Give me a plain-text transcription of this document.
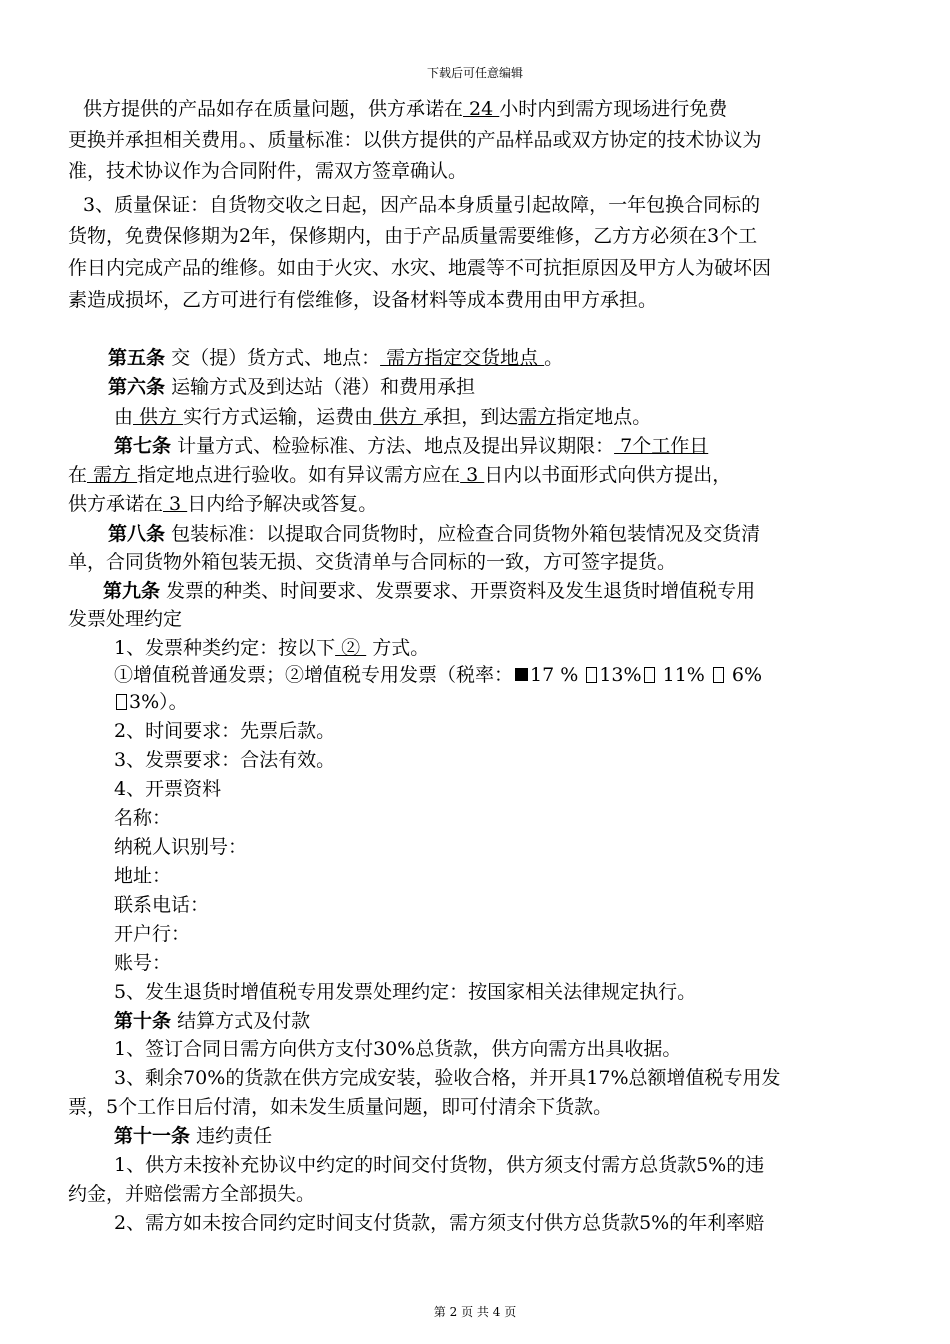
下载后可任意编辑
供方提供的产品如存在质量问题，供方承诺在 24 小时内到需方现场进行免费
更换并承担相关费用。、质量标准：以供方提供的产品样品或双方协定的技术协议为
准，技术协议作为合同附件，需双方签章确认。
3、质量保证：自货物交收之日起，因产品本身质量引起故障，一年包换合同标的
货物，免费保修期为2年，保修期内，由于产品质量需要维修，乙方方必须在3个工
作日内完成产品的维修。如由于火灾、水灾、地震等不可抗拒原因及甲方人为破坏因
素造成损坏，乙方可进行有偿维修，设备材料等成本费用由甲方承担。
第五条 交（提）货方式、地点： 需方指定交货地点 。
第六条 运输方式及到达站（港）和费用承担
由 供方 实行方式运输，运费由 供方 承担，到达需方指定地点。
第七条 计量方式、检验标准、方法、地点及提出异议期限： 7个工作日
在 需方 指定地点进行验收。如有异议需方应在 3 日内以书面形式向供方提出，
供方承诺在 3 日内给予解决或答复。
第八条 包装标准：以提取合同货物时，应检查合同货物外箱包装情况及交货清
单，合同货物外箱包装无损、交货清单与合同标的一致，方可签字提货。
第九条 发票的种类、时间要求、发票要求、开票资料及发生退货时增值税专用
发票处理约定
1、发票种类约定：按以下 ②  方式。
①增值税普通发票；②增值税专用发票（税率： 17 % 13% 11%  6%
3%）。
2、时间要求：先票后款。
3、发票要求：合法有效。
4、开票资料
名称：
纳税人识别号：
地址：
联系电话：
开户行：
账号：
5、发生退货时增值税专用发票处理约定：按国家相关法律规定执行。
第十条 结算方式及付款
1、签订合同日需方向供方支付30%总货款，供方向需方出具收据。
3、剩余70%的货款在供方完成安装，验收合格，并开具17%总额增值税专用发
票，5个工作日后付清，如未发生质量问题，即可付清余下货款。
第十一条 违约责任
1、供方未按补充协议中约定的时间交付货物，供方须支付需方总货款5%的违
约金，并赔偿需方全部损失。
2、需方如未按合同约定时间支付货款，需方须支付供方总货款5%的年利率赔
第 2 页 共 4 页
